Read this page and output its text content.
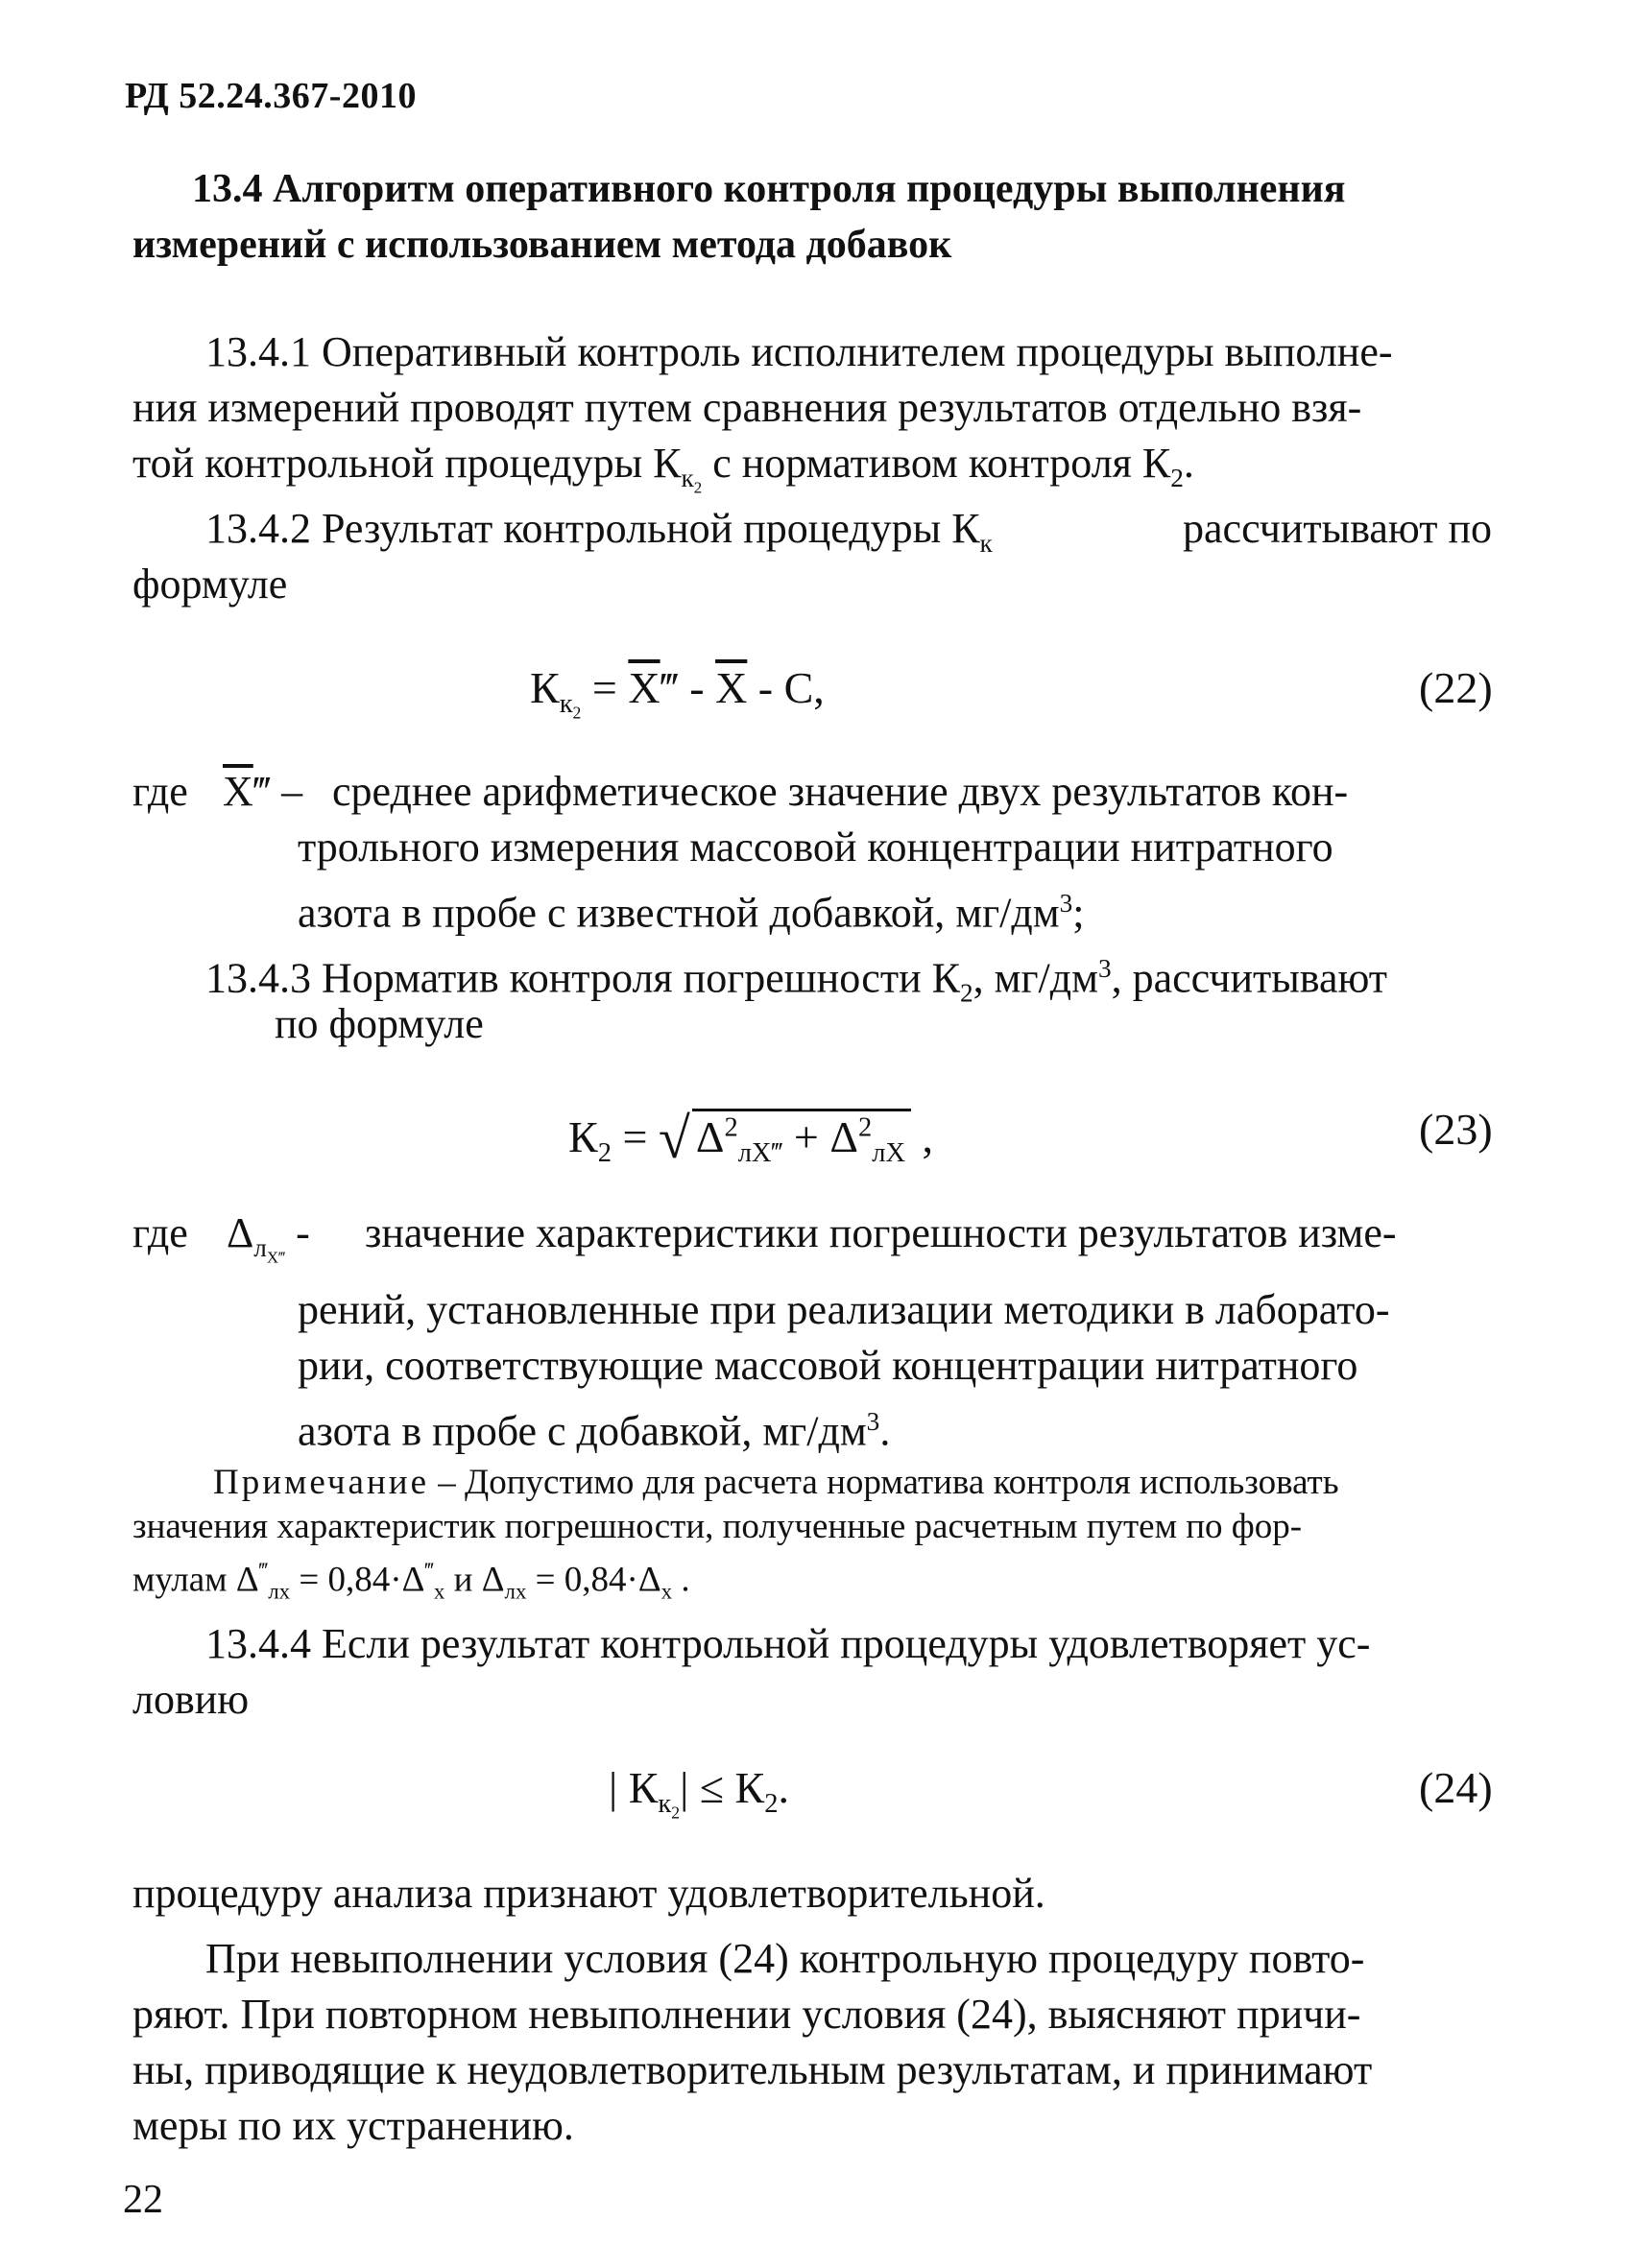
РД 52.24.367-2010
13.4 Алгоритм оперативного контроля процедуры выполнения
измерений с использованием метода добавок
13.4.1 Оперативный контроль исполнителем процедуры выполне-
ния измерений проводят путем сравнения результатов отдельно взя-
той контрольной процедуры $К_{к_2}$ с нормативом контроля $К_2$.
13.4.2 Результат контрольной процедуры $К_к$	рассчитывают по
формуле
$К_{к_2}$ = $\overline{X}‴ - \overline{X}$ - С,	(22)
где $\overline{X}‴$ – среднее арифметическое значение двух результатов кон-
трольного измерения массовой концентрации нитратного
азота в пробе с известной добавкой, $мг/дм^3$;
13.4.3 Норматив контроля погрешности $К_2$, $мг/дм^3$, рассчитывают
по формуле
$К_2$ = √ $\Delta^2_{лХ‴} + \Delta^2_{лХ}$ ,	(23)
где $\Delta_{л_{Х‴}}$ - значение характеристики погрешности результатов изме-
рений, установленные при реализации методики в лаборато-
рии, соответствующие массовой концентрации нитратного
азота в пробе с добавкой, $мг/дм^3$.
Примечание – Допустимо для расчета норматива контроля использовать
значения характеристик погрешности, полученные расчетным путем по фор-
мулам $\Delta^‴_{лх} = 0,84\cdot\Delta^‴_х$ и $\Delta_{лх} = 0,84\cdot\Delta_х$ .
13.4.4 Если результат контрольной процедуры удовлетворяет ус-
ловию
| $К_{к_2}| \le К_2$.	(24)
процедуру анализа признают удовлетворительной.
При невыполнении условия (24) контрольную процедуру повто-
ряют. При повторном невыполнении условия (24), выясняют причи-
ны, приводящие к неудовлетворительным результатам, и принимают
меры по их устранению.
22
